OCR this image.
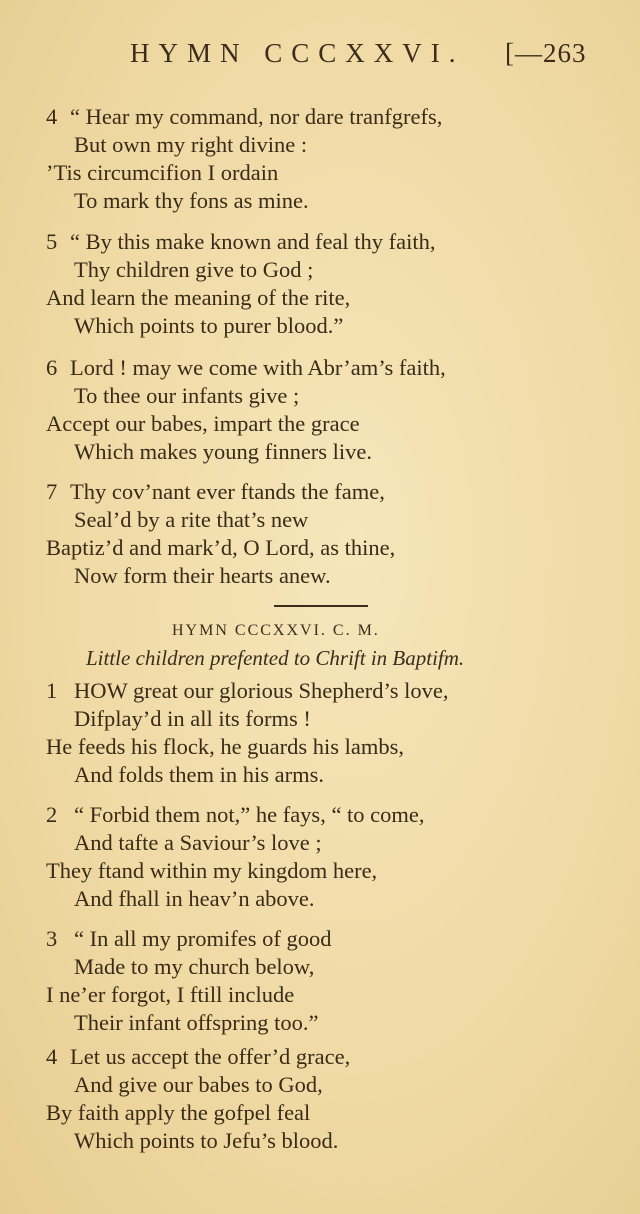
HYMN CCCXXVI. [—263
4 “ Hear my command, nor dare tranfgrefs,
But own my right divine :
’Tis circumcifion I ordain
To mark thy fons as mine.
5 “ By this make known and feal thy faith,
Thy children give to God ;
And learn the meaning of the rite,
Which points to purer blood.”
6 Lord ! may we come with Abr’am’s faith,
To thee our infants give ;
Accept our babes, impart the grace
Which makes young finners live.
7 Thy cov’nant ever ftands the fame,
Seal’d by a rite that’s new
Baptiz’d and mark’d, O Lord, as thine,
Now form their hearts anew.
HYMN CCCXXVI. C. M.
Little children prefented to Chrift in Baptifm.
1 HOW great our glorious Shepherd’s love,
Difplay’d in all its forms !
He feeds his flock, he guards his lambs,
And folds them in his arms.
2 “ Forbid them not,” he fays, “ to come,
And tafte a Saviour’s love ;
They ftand within my kingdom here,
And fhall in heav’n above.
3 “ In all my promifes of good
Made to my church below,
I ne’er forgot, I ftill include
Their infant offspring too.”
4 Let us accept the offer’d grace,
And give our babes to God,
By faith apply the gofpel feal
Which points to Jefu’s blood.
